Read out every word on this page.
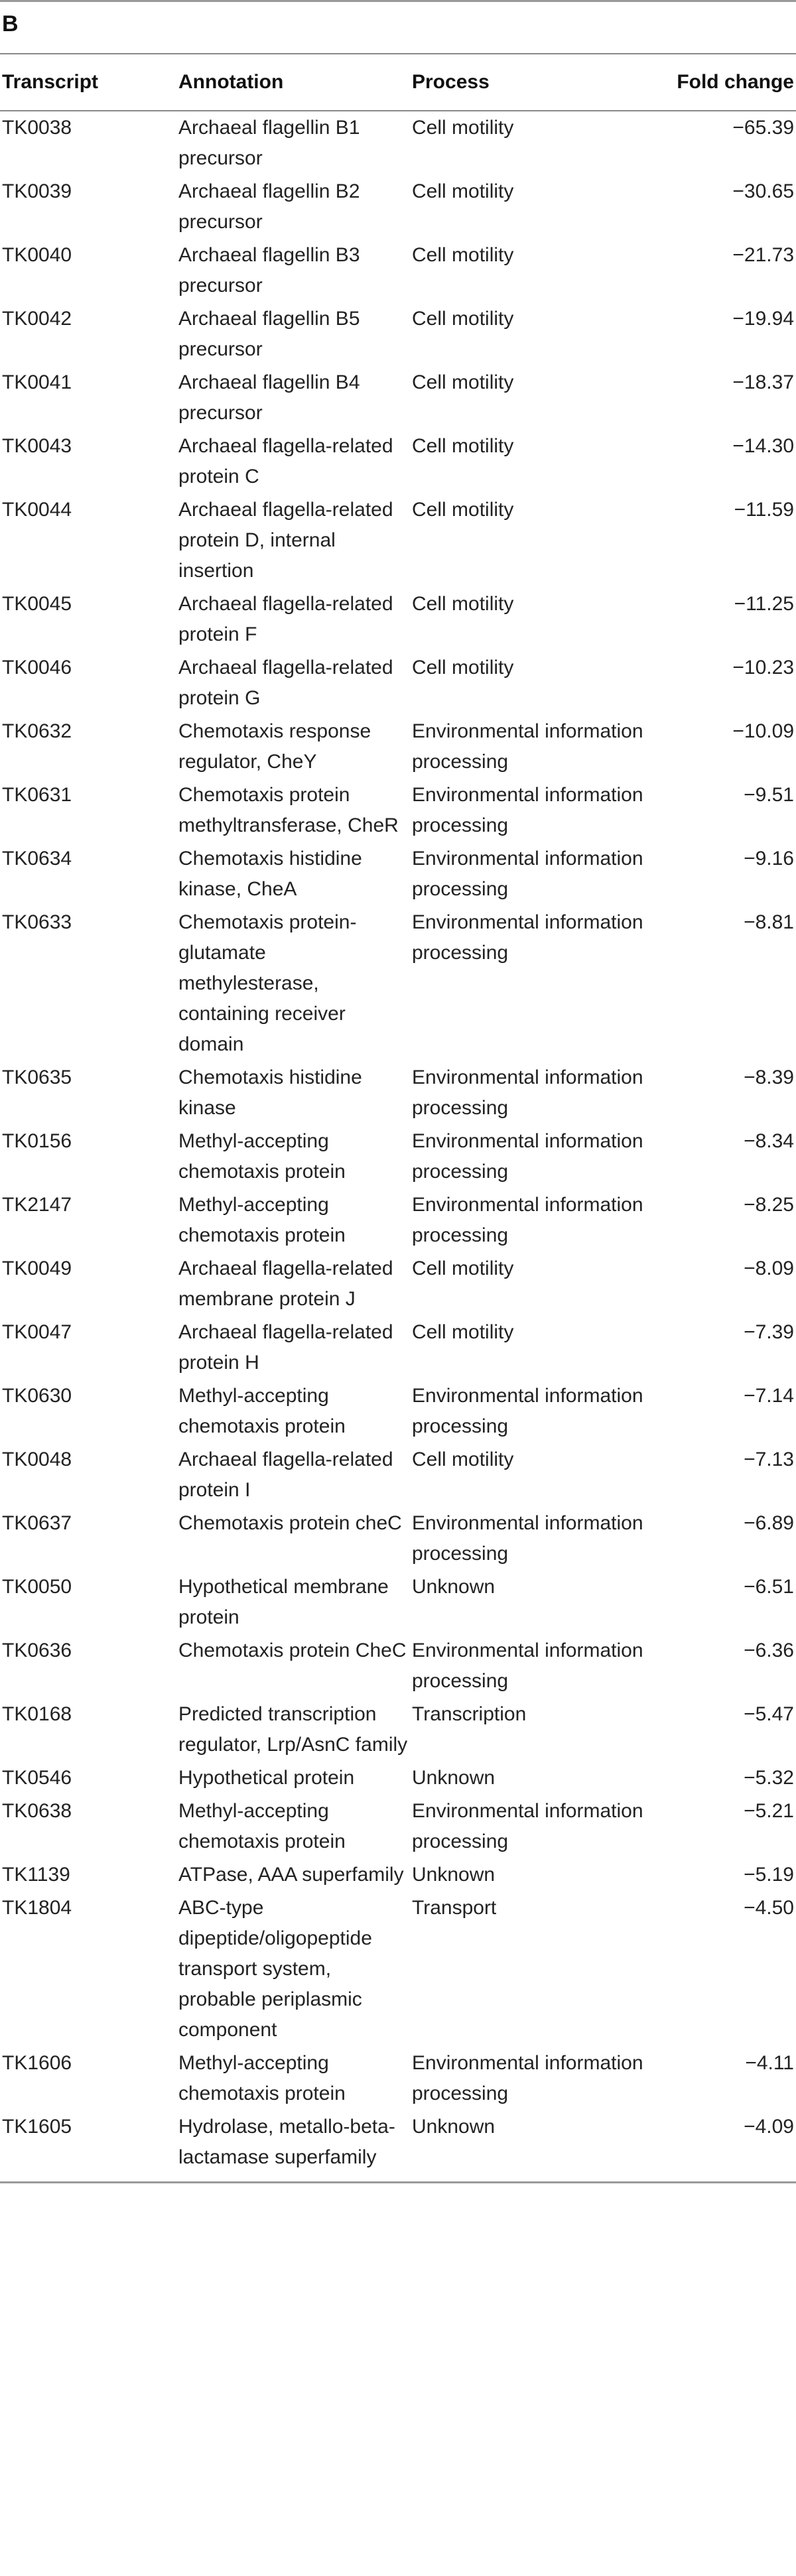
B
Transcript	Annotation	Process	Fold change
TK0038	Archaeal flagellin B1 precursor	Cell motility	−65.39
TK0039	Archaeal flagellin B2 precursor	Cell motility	−30.65
TK0040	Archaeal flagellin B3 precursor	Cell motility	−21.73
TK0042	Archaeal flagellin B5 precursor	Cell motility	−19.94
TK0041	Archaeal flagellin B4 precursor	Cell motility	−18.37
TK0043	Archaeal flagella-related protein C	Cell motility	−14.30
TK0044	Archaeal flagella-related protein D, internal insertion	Cell motility	−11.59
TK0045	Archaeal flagella-related protein F	Cell motility	−11.25
TK0046	Archaeal flagella-related protein G	Cell motility	−10.23
TK0632	Chemotaxis response regulator, CheY	Environmental information processing	−10.09
TK0631	Chemotaxis protein methyltransferase, CheR	Environmental information processing	−9.51
TK0634	Chemotaxis histidine kinase, CheA	Environmental information processing	−9.16
TK0633	Chemotaxis protein-glutamate methylesterase, containing receiver domain	Environmental information processing	−8.81
TK0635	Chemotaxis histidine kinase	Environmental information processing	−8.39
TK0156	Methyl-accepting chemotaxis protein	Environmental information processing	−8.34
TK2147	Methyl-accepting chemotaxis protein	Environmental information processing	−8.25
TK0049	Archaeal flagella-related membrane protein J	Cell motility	−8.09
TK0047	Archaeal flagella-related protein H	Cell motility	−7.39
TK0630	Methyl-accepting chemotaxis protein	Environmental information processing	−7.14
TK0048	Archaeal flagella-related protein I	Cell motility	−7.13
TK0637	Chemotaxis protein cheC	Environmental information processing	−6.89
TK0050	Hypothetical membrane protein	Unknown	−6.51
TK0636	Chemotaxis protein CheC	Environmental information processing	−6.36
TK0168	Predicted transcription regulator, Lrp/AsnC family	Transcription	−5.47
TK0546	Hypothetical protein	Unknown	−5.32
TK0638	Methyl-accepting chemotaxis protein	Environmental information processing	−5.21
TK1139	ATPase, AAA superfamily	Unknown	−5.19
TK1804	ABC-type dipeptide/oligopeptide transport system, probable periplasmic component	Transport	−4.50
TK1606	Methyl-accepting chemotaxis protein	Environmental information processing	−4.11
TK1605	Hydrolase, metallo-beta-lactamase superfamily	Unknown	−4.09
